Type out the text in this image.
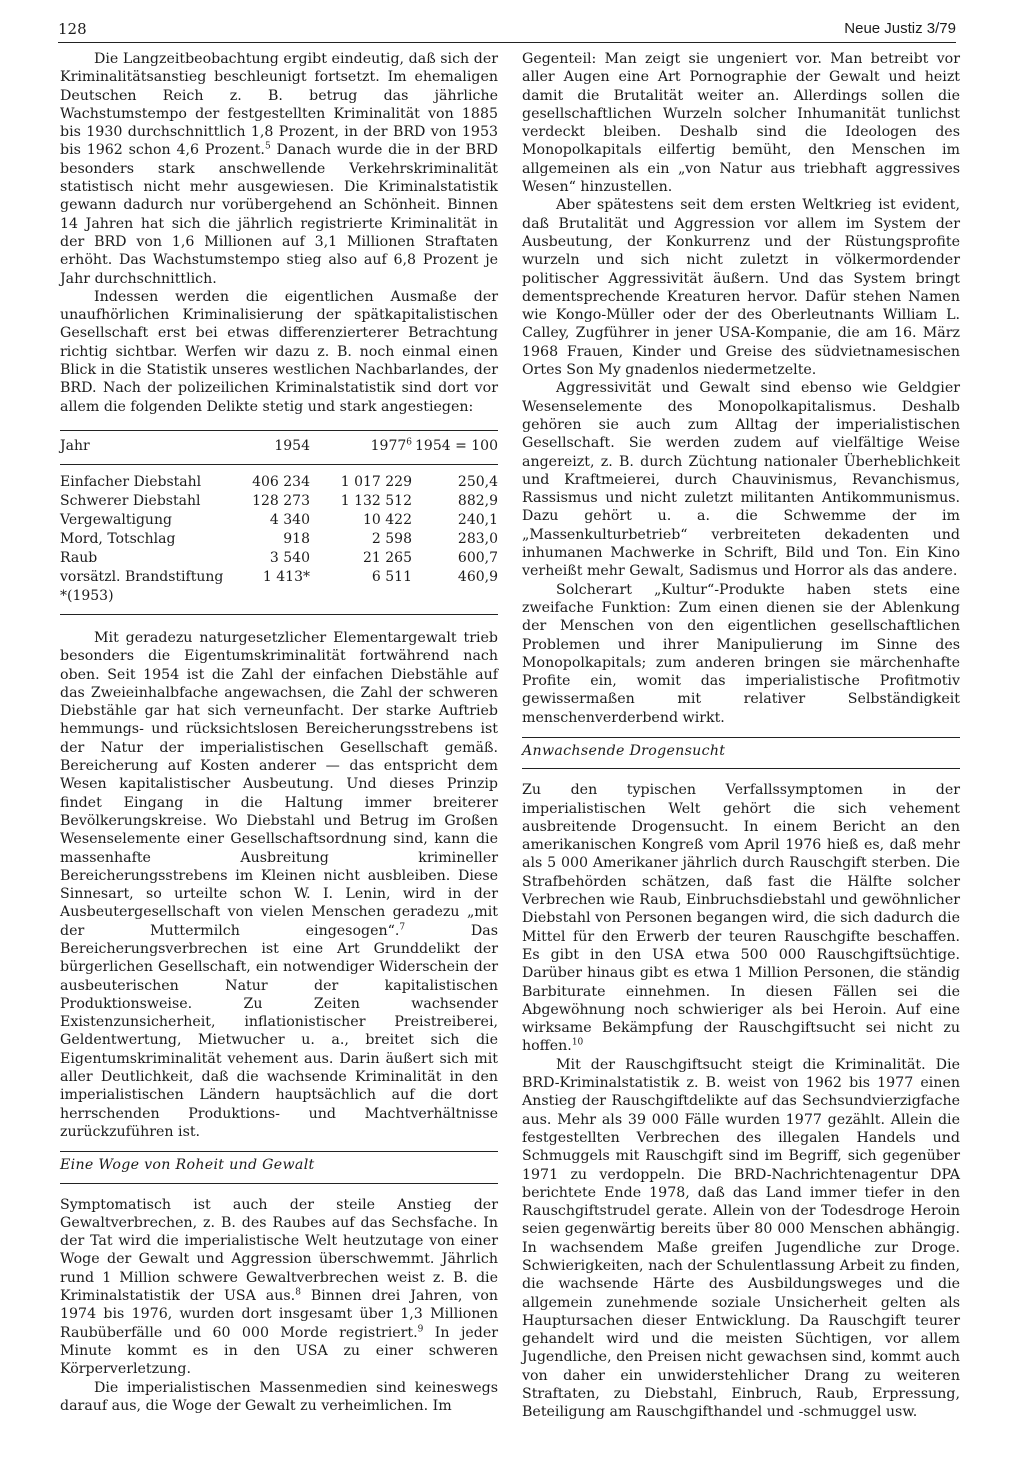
128	Neue Justiz 3/79

Die Langzeitbeobachtung ergibt eindeutig, daß sich der Kriminalitätsanstieg beschleunigt fortsetzt. Im ehemaligen Deutschen Reich z. B. betrug das jährliche Wachstumstempo der festgestellten Kriminalität von 1885 bis 1930 durchschnittlich 1,8 Prozent, in der BRD von 1953 bis 1962 schon 4,6 Prozent.$^5$ Danach wurde die in der BRD besonders stark anschwellende Verkehrskriminalität statistisch nicht mehr ausgewiesen. Die Kriminalstatistik gewann dadurch nur vorübergehend an Schönheit. Binnen 14 Jahren hat sich die jährlich registrierte Kriminalität in der BRD von 1,6 Millionen auf 3,1 Millionen Straftaten erhöht. Das Wachstumstempo stieg also auf 6,8 Prozent je Jahr durchschnittlich.

Indessen werden die eigentlichen Ausmaße der unaufhörlichen Kriminalisierung der spätkapitalistischen Gesellschaft erst bei etwas differenzierterer Betrachtung richtig sichtbar. Werfen wir dazu z. B. noch einmal einen Blick in die Statistik unseres westlichen Nachbarlandes, der BRD. Nach der polizeilichen Kriminalstatistik sind dort vor allem die folgenden Delikte stetig und stark angestiegen:

Jahr	1954	1977$^6$ 1954 = 100
Einfacher Diebstahl	406 234	1 017 229	250,4
Schwerer Diebstahl	128 273	1 132 512	882,9
Vergewaltigung	4 340	10 422	240,1
Mord, Totschlag	918	2 598	283,0
Raub	3 540	21 265	600,7
vorsätzl. Brandstiftung	1 413*	6 511	460,9
*(1953)

Mit geradezu naturgesetzlicher Elementargewalt trieb besonders die Eigentumskriminalität fortwährend nach oben. Seit 1954 ist die Zahl der einfachen Diebstähle auf das Zweieinhalbfache angewachsen, die Zahl der schweren Diebstähle gar hat sich verneunfacht. Der starke Auftrieb hemmungs- und rücksichtslosen Bereicherungsstrebens ist der Natur der imperialistischen Gesellschaft gemäß. Bereicherung auf Kosten anderer — das entspricht dem Wesen kapitalistischer Ausbeutung. Und dieses Prinzip findet Eingang in die Haltung immer breiterer Bevölkerungskreise. Wo Diebstahl und Betrug im Großen Wesenselemente einer Gesellschaftsordnung sind, kann die massenhafte Ausbreitung krimineller Bereicherungsstrebens im Kleinen nicht ausbleiben. Diese Sinnesart, so urteilte schon W. I. Lenin, wird in der Ausbeutergesellschaft von vielen Menschen geradezu „mit der Muttermilch eingesogen“.$^7$ Das Bereicherungsverbrechen ist eine Art Grunddelikt der bürgerlichen Gesellschaft, ein notwendiger Widerschein der ausbeuterischen Natur der kapitalistischen Produktionsweise. Zu Zeiten wachsender Existenzunsicherheit, inflationistischer Preistreiberei, Geldentwertung, Mietwucher u. a., breitet sich die Eigentumskriminalität vehement aus. Darin äußert sich mit aller Deutlichkeit, daß die wachsende Kriminalität in den imperialistischen Ländern hauptsächlich auf die dort herrschenden Produktions- und Machtverhältnisse zurückzuführen ist.

Eine Woge von Roheit und Gewalt

Symptomatisch ist auch der steile Anstieg der Gewaltverbrechen, z. B. des Raubes auf das Sechsfache. In der Tat wird die imperialistische Welt heutzutage von einer Woge der Gewalt und Aggression überschwemmt. Jährlich rund 1 Million schwere Gewaltverbrechen weist z. B. die Kriminalstatistik der USA aus.$^8$ Binnen drei Jahren, von 1974 bis 1976, wurden dort insgesamt über 1,3 Millionen Raubüberfälle und 60 000 Morde registriert.$^9$ In jeder Minute kommt es in den USA zu einer schweren Körperverletzung.

Die imperialistischen Massenmedien sind keineswegs darauf aus, die Woge der Gewalt zu verheimlichen. Im

Gegenteil: Man zeigt sie ungeniert vor. Man betreibt vor aller Augen eine Art Pornographie der Gewalt und heizt damit die Brutalität weiter an. Allerdings sollen die gesellschaftlichen Wurzeln solcher Inhumanität tunlichst verdeckt bleiben. Deshalb sind die Ideologen des Monopolkapitals eilfertig bemüht, den Menschen im allgemeinen als ein „von Natur aus triebhaft aggressives Wesen“ hinzustellen.

Aber spätestens seit dem ersten Weltkrieg ist evident, daß Brutalität und Aggression vor allem im System der Ausbeutung, der Konkurrenz und der Rüstungsprofite wurzeln und sich nicht zuletzt in völkermordender politischer Aggressivität äußern. Und das System bringt dementsprechende Kreaturen hervor. Dafür stehen Namen wie Kongo-Müller oder der des Oberleutnants William L. Calley, Zugführer in jener USA-Kompanie, die am 16. März 1968 Frauen, Kinder und Greise des südvietnamesischen Ortes Son My gnadenlos niedermetzelte.

Aggressivität und Gewalt sind ebenso wie Geldgier Wesenselemente des Monopolkapitalismus. Deshalb gehören sie auch zum Alltag der imperialistischen Gesellschaft. Sie werden zudem auf vielfältige Weise angereizt, z. B. durch Züchtung nationaler Überheblichkeit und Kraftmeierei, durch Chauvinismus, Revanchismus, Rassismus und nicht zuletzt militanten Antikommunismus. Dazu gehört u. a. die Schwemme der im „Massenkulturbetrieb“ verbreiteten dekadenten und inhumanen Machwerke in Schrift, Bild und Ton. Ein Kino verheißt mehr Gewalt, Sadismus und Horror als das andere.

Solcherart „Kultur“-Produkte haben stets eine zweifache Funktion: Zum einen dienen sie der Ablenkung der Menschen von den eigentlichen gesellschaftlichen Problemen und ihrer Manipulierung im Sinne des Monopolkapitals; zum anderen bringen sie märchenhafte Profite ein, womit das imperialistische Profitmotiv gewissermaßen mit relativer Selbständigkeit menschenverderbend wirkt.

Anwachsende Drogensucht

Zu den typischen Verfallssymptomen in der imperialistischen Welt gehört die sich vehement ausbreitende Drogensucht. In einem Bericht an den amerikanischen Kongreß vom April 1976 hieß es, daß mehr als 5 000 Amerikaner jährlich durch Rauschgift sterben. Die Strafbehörden schätzen, daß fast die Hälfte solcher Verbrechen wie Raub, Einbruchsdiebstahl und gewöhnlicher Diebstahl von Personen begangen wird, die sich dadurch die Mittel für den Erwerb der teuren Rauschgifte beschaffen. Es gibt in den USA etwa 500 000 Rauschgiftsüchtige. Darüber hinaus gibt es etwa 1 Million Personen, die ständig Barbiturate einnehmen. In diesen Fällen sei die Abgewöhnung noch schwieriger als bei Heroin. Auf eine wirksame Bekämpfung der Rauschgiftsucht sei nicht zu hoffen.$^{10}$

Mit der Rauschgiftsucht steigt die Kriminalität. Die BRD-Kriminalstatistik z. B. weist von 1962 bis 1977 einen Anstieg der Rauschgiftdelikte auf das Sechsundvierzigfache aus. Mehr als 39 000 Fälle wurden 1977 gezählt. Allein die festgestellten Verbrechen des illegalen Handels und Schmuggels mit Rauschgift sind im Begriff, sich gegenüber 1971 zu verdoppeln. Die BRD-Nachrichtenagentur DPA berichtete Ende 1978, daß das Land immer tiefer in den Rauschgiftstrudel gerate. Allein von der Todesdroge Heroin seien gegenwärtig bereits über 80 000 Menschen abhängig. In wachsendem Maße greifen Jugendliche zur Droge. Schwierigkeiten, nach der Schulentlassung Arbeit zu finden, die wachsende Härte des Ausbildungsweges und die allgemein zunehmende soziale Unsicherheit gelten als Hauptursachen dieser Entwicklung. Da Rauschgift teurer gehandelt wird und die meisten Süchtigen, vor allem Jugendliche, den Preisen nicht gewachsen sind, kommt auch von daher ein unwiderstehlicher Drang zu weiteren Straftaten, zu Diebstahl, Einbruch, Raub, Erpressung, Beteiligung am Rauschgifthandel und -schmuggel usw.
